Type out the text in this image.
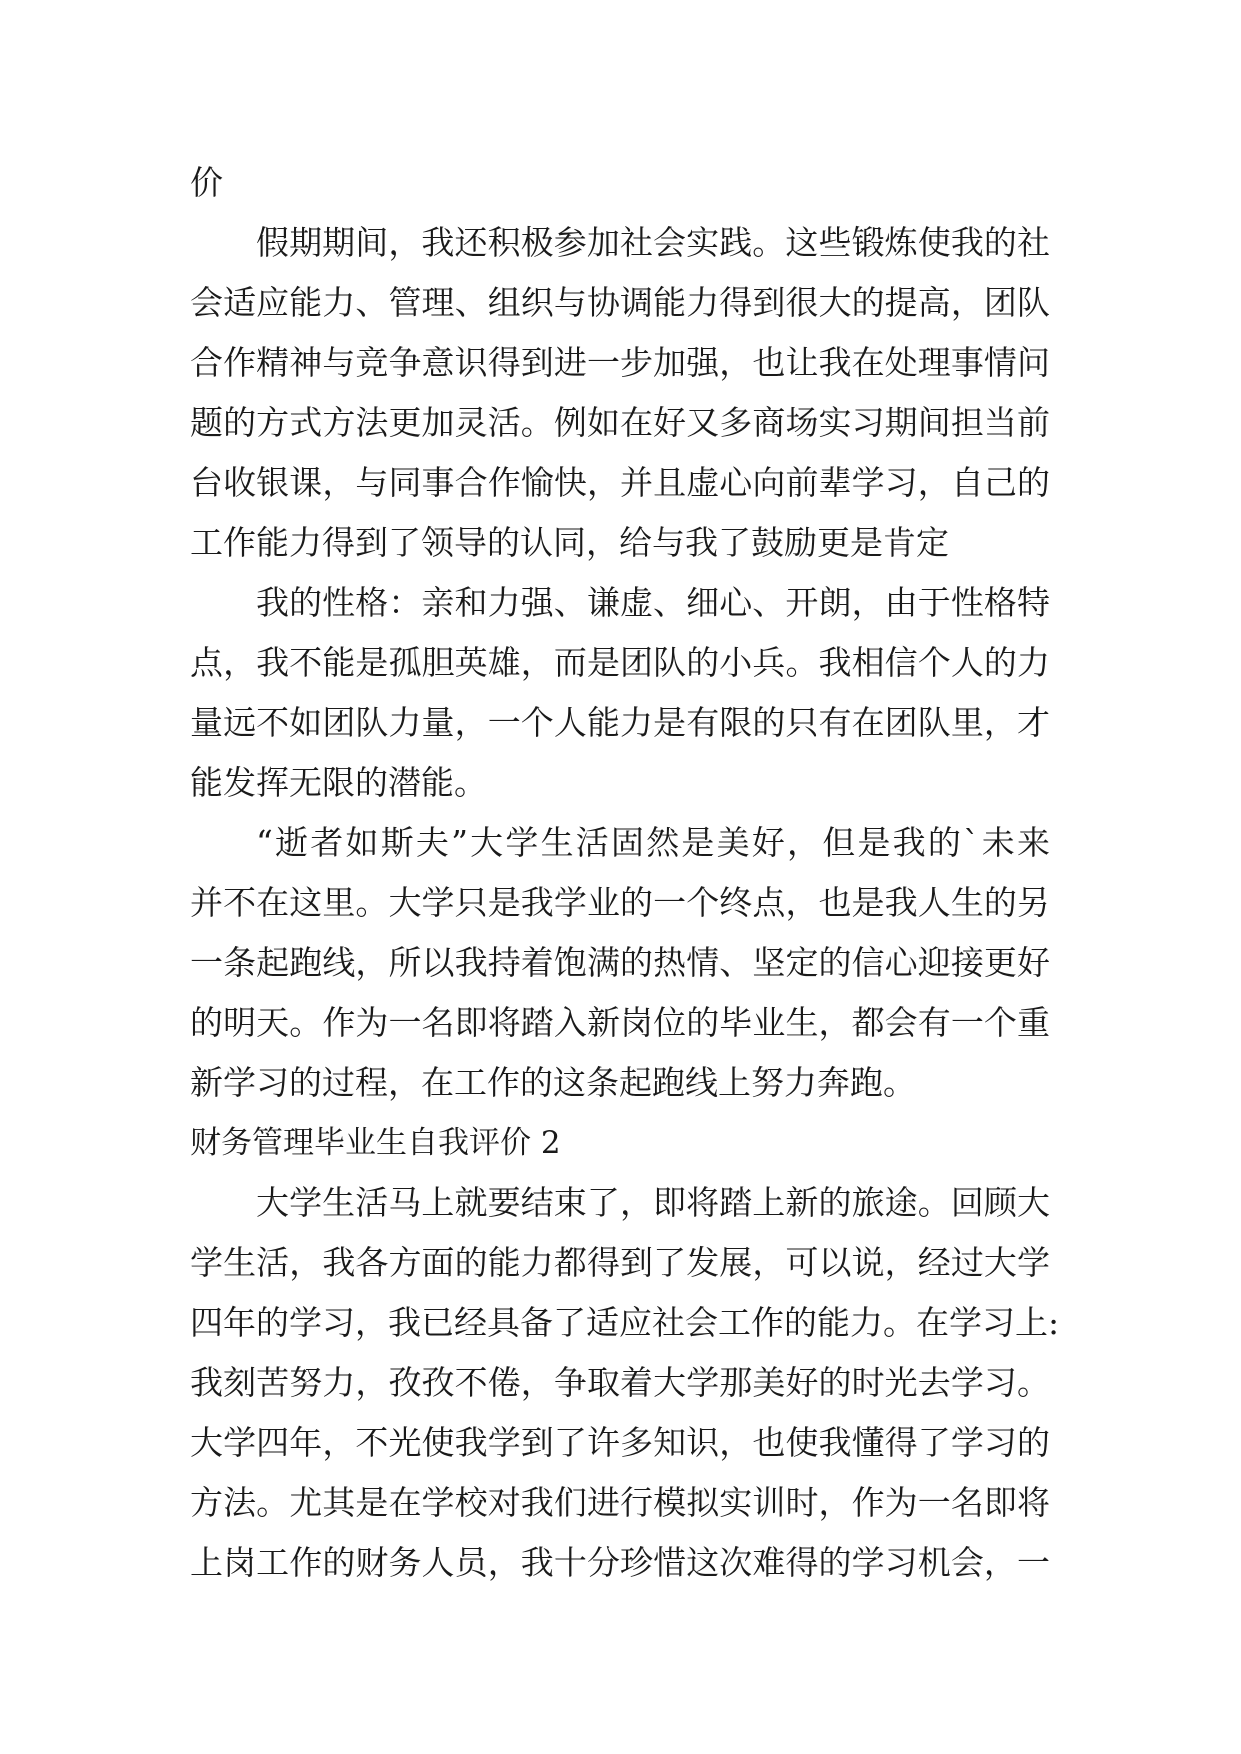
价
假期期间，我还积极参加社会实践。这些锻炼使我的社
会适应能力、管理、组织与协调能力得到很大的提高，团队
合作精神与竞争意识得到进一步加强，也让我在处理事情问
题的方式方法更加灵活。例如在好又多商场实习期间担当前
台收银课，与同事合作愉快，并且虚心向前辈学习，自己的
工作能力得到了领导的认同，给与我了鼓励更是肯定
我的性格：亲和力强、谦虚、细心、开朗，由于性格特
点，我不能是孤胆英雄，而是团队的小兵。我相信个人的力
量远不如团队力量，一个人能力是有限的只有在团队里，才
能发挥无限的潜能。
“逝者如斯夫”大学生活固然是美好，但是我的`未来
并不在这里。大学只是我学业的一个终点，也是我人生的另
一条起跑线，所以我持着饱满的热情、坚定的信心迎接更好
的明天。作为一名即将踏入新岗位的毕业生，都会有一个重
新学习的过程，在工作的这条起跑线上努力奔跑。
财务管理毕业生自我评价 2
大学生活马上就要结束了，即将踏上新的旅途。回顾大
学生活，我各方面的能力都得到了发展，可以说，经过大学
四年的学习，我已经具备了适应社会工作的能力。在学习上:
我刻苦努力，孜孜不倦，争取着大学那美好的时光去学习。
大学四年，不光使我学到了许多知识，也使我懂得了学习的
方法。尤其是在学校对我们进行模拟实训时，作为一名即将
上岗工作的财务人员，我十分珍惜这次难得的学习机会，一
